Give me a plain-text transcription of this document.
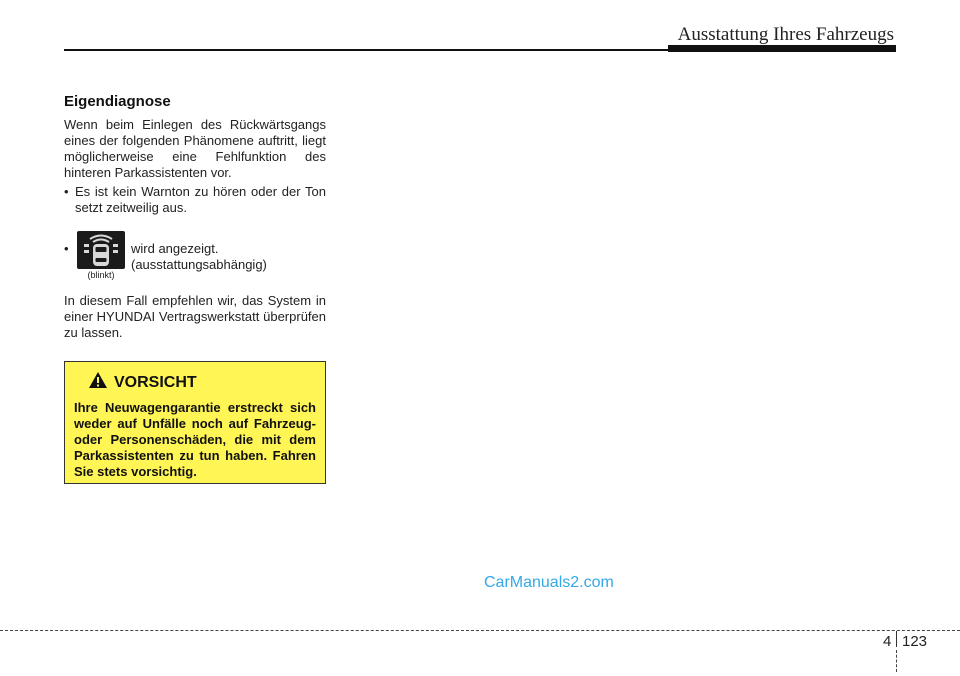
Ausstattung Ihres Fahrzeugs
Eigendiagnose

Wenn beim Einlegen des Rückwärtsgangs eines der folgenden Phänomene auftritt, liegt möglicherweise eine Fehlfunktion des hinteren Parkassistenten vor.

• Es ist kein Warnton zu hören oder der Ton setzt zeitweilig aus.
•
(blinkt)
wird angezeigt.
(ausstattungsabhängig)

In diesem Fall empfehlen wir, das System in einer HYUNDAI Vertragswerkstatt überprüfen zu lassen.

VORSICHT

Ihre Neuwagengarantie erstreckt sich weder auf Unfälle noch auf Fahrzeug- oder Personenschäden, die mit dem Parkassistenten zu tun haben. Fahren Sie stets vorsichtig.

CarManuals2.com
4 123
